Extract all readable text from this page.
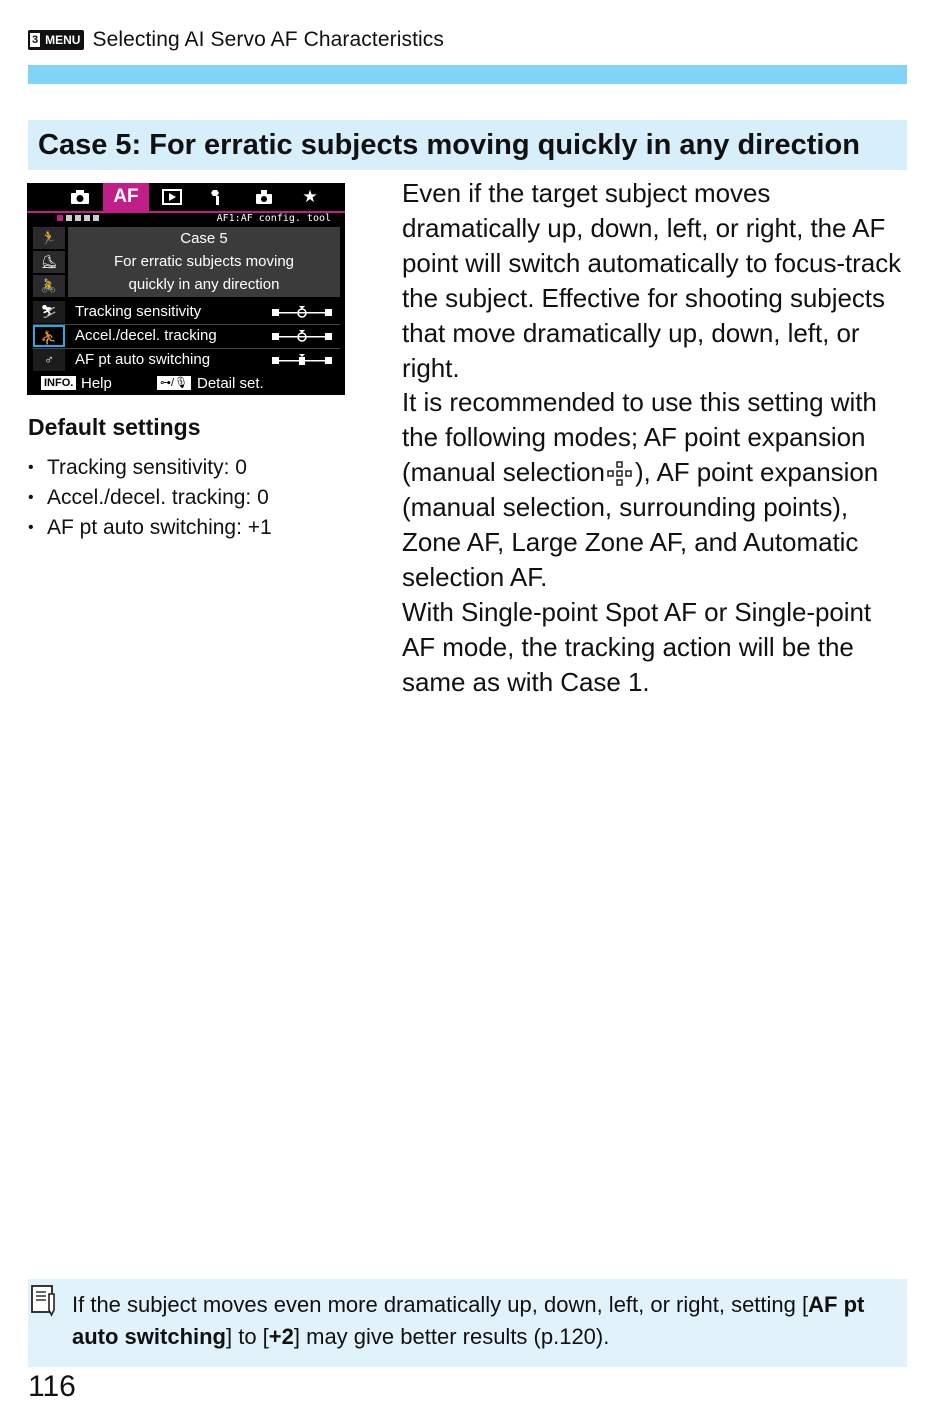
3 MENU Selecting AI Servo AF Characteristics
Case 5: For erratic subjects moving quickly in any direction
AF	★
AF1:AF config. tool
🏃
⛸
🚴
Case 5
For erratic subjects moving
quickly in any direction
⛷	Tracking sensitivity
⛹	Accel./decel. tracking
♂	AF pt auto switching
INFO. Help	⊶/🎙 Detail set.
Default settings
• Tracking sensitivity: 0
• Accel./decel. tracking: 0
• AF pt auto switching: +1

Even if the target subject moves dramatically up, down, left, or right, the AF point will switch automatically to focus-track the subject. Effective for shooting subjects that move dramatically up, down, left, or right.

It is recommended to use this setting with the following modes; AF point expansion (manual selection ), AF point expansion (manual selection, surrounding points), Zone AF, Large Zone AF, and Automatic selection AF.

With Single-point Spot AF or Single-point AF mode, the tracking action will be the same as with Case 1.

If the subject moves even more dramatically up, down, left, or right, setting [AF pt auto switching] to [+2] may give better results (p.120).
116
